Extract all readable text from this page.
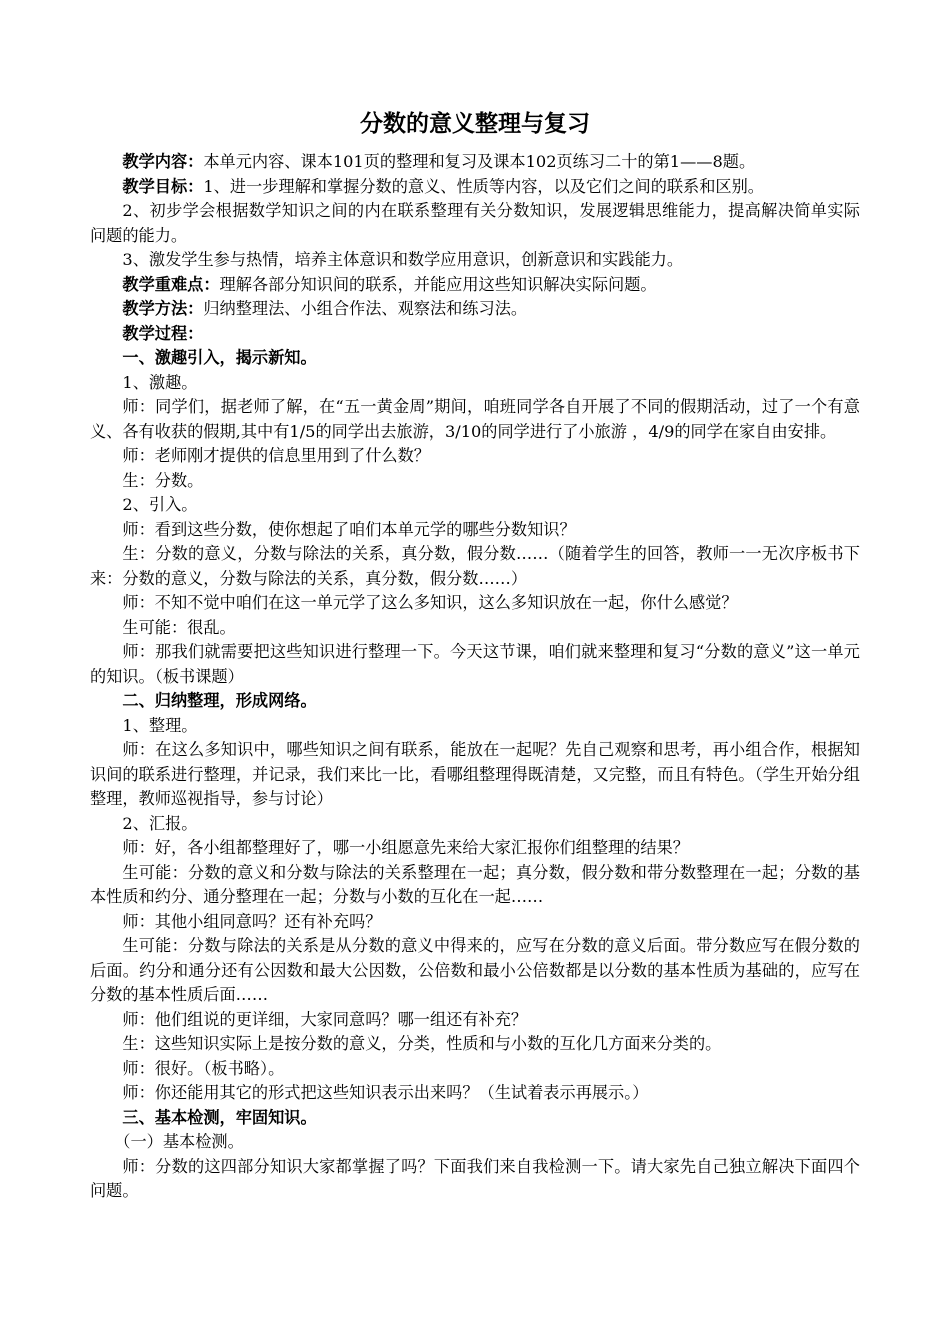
分数的意义整理与复习

教学内容：本单元内容、课本101页的整理和复习及课本102页练习二十的第1——8题。

教学目标：1、进一步理解和掌握分数的意义、性质等内容，以及它们之间的联系和区别。

2、初步学会根据数学知识之间的内在联系整理有关分数知识，发展逻辑思维能力，提高解决简单实际问题的能力。

3、激发学生参与热情，培养主体意识和数学应用意识，创新意识和实践能力。

教学重难点：理解各部分知识间的联系，并能应用这些知识解决实际问题。

教学方法：归纳整理法、小组合作法、观察法和练习法。

教学过程：

一、激趣引入，揭示新知。

1、激趣。

师：同学们，据老师了解，在“五一黄金周”期间，咱班同学各自开展了不同的假期活动，过了一个有意义、各有收获的假期,其中有1/5的同学出去旅游，3/10的同学进行了小旅游 ，4/9的同学在家自由安排。

师：老师刚才提供的信息里用到了什么数？

生：分数。

2、引入。

师：看到这些分数，使你想起了咱们本单元学的哪些分数知识？

生：分数的意义，分数与除法的关系，真分数，假分数……（随着学生的回答，教师一一无次序板书下来：分数的意义，分数与除法的关系，真分数，假分数……）

师：不知不觉中咱们在这一单元学了这么多知识，这么多知识放在一起，你什么感觉？

生可能：很乱。

师：那我们就需要把这些知识进行整理一下。今天这节课，咱们就来整理和复习“分数的意义”这一单元的知识。（板书课题）

二、归纳整理，形成网络。

1、整理。

师：在这么多知识中，哪些知识之间有联系，能放在一起呢？先自己观察和思考，再小组合作，根据知识间的联系进行整理，并记录，我们来比一比，看哪组整理得既清楚，又完整，而且有特色。（学生开始分组整理，教师巡视指导，参与讨论）

2、汇报。

师：好，各小组都整理好了，哪一小组愿意先来给大家汇报你们组整理的结果？

生可能：分数的意义和分数与除法的关系整理在一起；真分数，假分数和带分数整理在一起；分数的基本性质和约分、通分整理在一起；分数与小数的互化在一起……

师：其他小组同意吗？还有补充吗？

生可能：分数与除法的关系是从分数的意义中得来的，应写在分数的意义后面。带分数应写在假分数的后面。约分和通分还有公因数和最大公因数，公倍数和最小公倍数都是以分数的基本性质为基础的，应写在分数的基本性质后面……

师：他们组说的更详细，大家同意吗？哪一组还有补充？

生：这些知识实际上是按分数的意义，分类，性质和与小数的互化几方面来分类的。

师：很好。（板书略）。

师：你还能用其它的形式把这些知识表示出来吗？（生试着表示再展示。）

三、基本检测，牢固知识。

（一）基本检测。

师：分数的这四部分知识大家都掌握了吗？下面我们来自我检测一下。请大家先自己独立解决下面四个问题。
